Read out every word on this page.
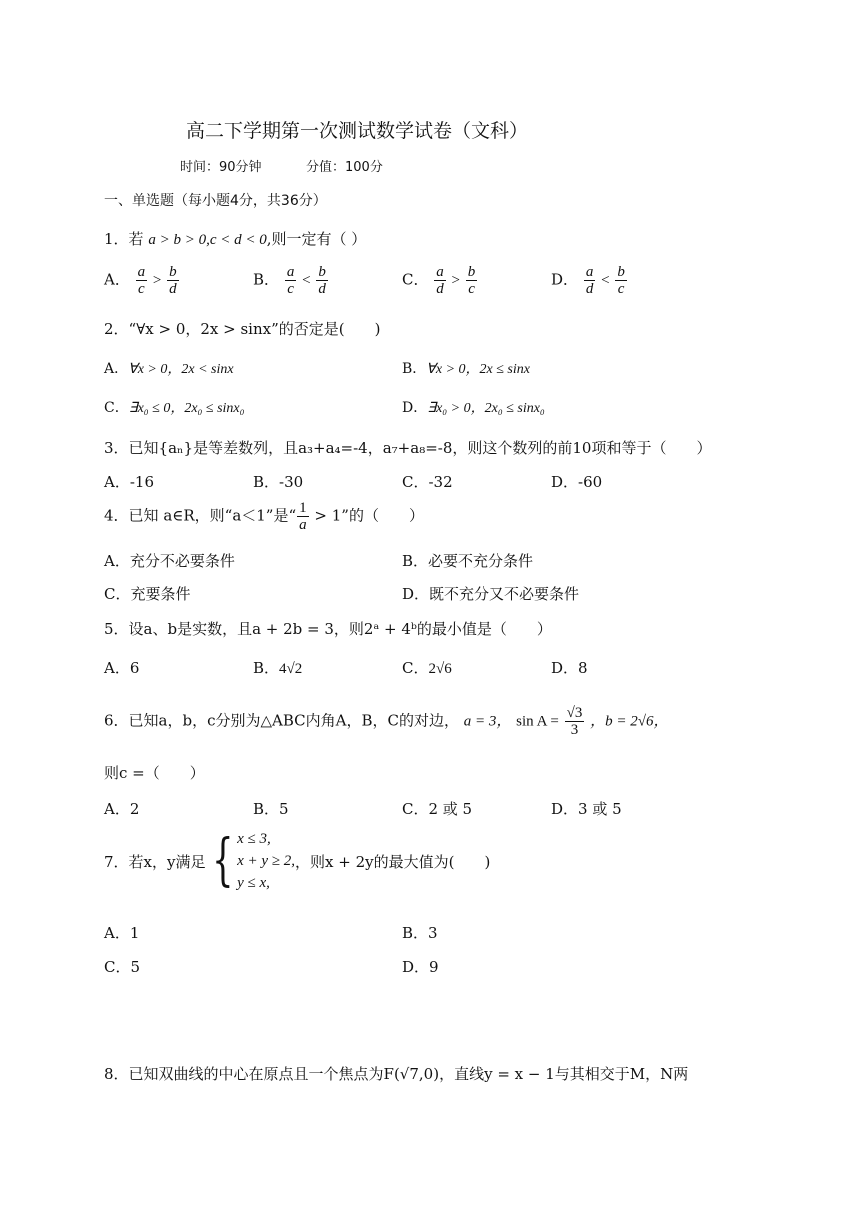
高二下学期第一次测试数学试卷（文科）
时间：90分钟	分值：100分
一、单选题（每小题4分，共36分）
1．若 a > b > 0,c < d < 0,则一定有（ ）
A． $\frac{a}{c} > \frac{b}{d}$	B． $\frac{a}{c} < \frac{b}{d}$	C． $\frac{a}{d} > \frac{b}{c}$	D． $\frac{a}{d} < \frac{b}{c}$
2．“∀x > 0，2x > sinx”的否定是(　　)
A．∀x > 0，2x < sinx	B．∀x > 0，2x ≤ sinx
C．∃x₀ ≤ 0，2x₀ ≤ sinx₀	D．∃x₀ > 0，2x₀ ≤ sinx₀
3．已知{aₙ}是等差数列，且a₃+a₄=-4，a₇+a₈=-8，则这个数列的前10项和等于（　　）
A．-16	B．-30	C．-32	D．-60
4．已知 a∈R，则“a＜1”是“ $\frac{1}{a} > 1$”的（　　）
A．充分不必要条件	B．必要不充分条件
C．充要条件	D．既不充分又不必要条件
5．设a、b是实数，且a + 2b = 3，则2ᵃ + 4ᵇ的最小值是（　　）
A．6	B．4√2	C．2√6	D．8
6．已知a，b，c分别为△ABC内角A，B，C的对边， a = 3， $\sin A = \frac{√3}{3}$ ，b = 2√6，
则c =（　　）
A．2	B．5	C．2 或 5	D．3 或 5
7． 若x，y满足 { x ≤ 3,
x + y ≥ 2,
y ≤ x,
，则x + 2y的最大值为(　　)
A．1	B．3
C．5	D．9
8．已知双曲线的中心在原点且一个焦点为F(√7,0)，直线y = x − 1与其相交于M，N两
